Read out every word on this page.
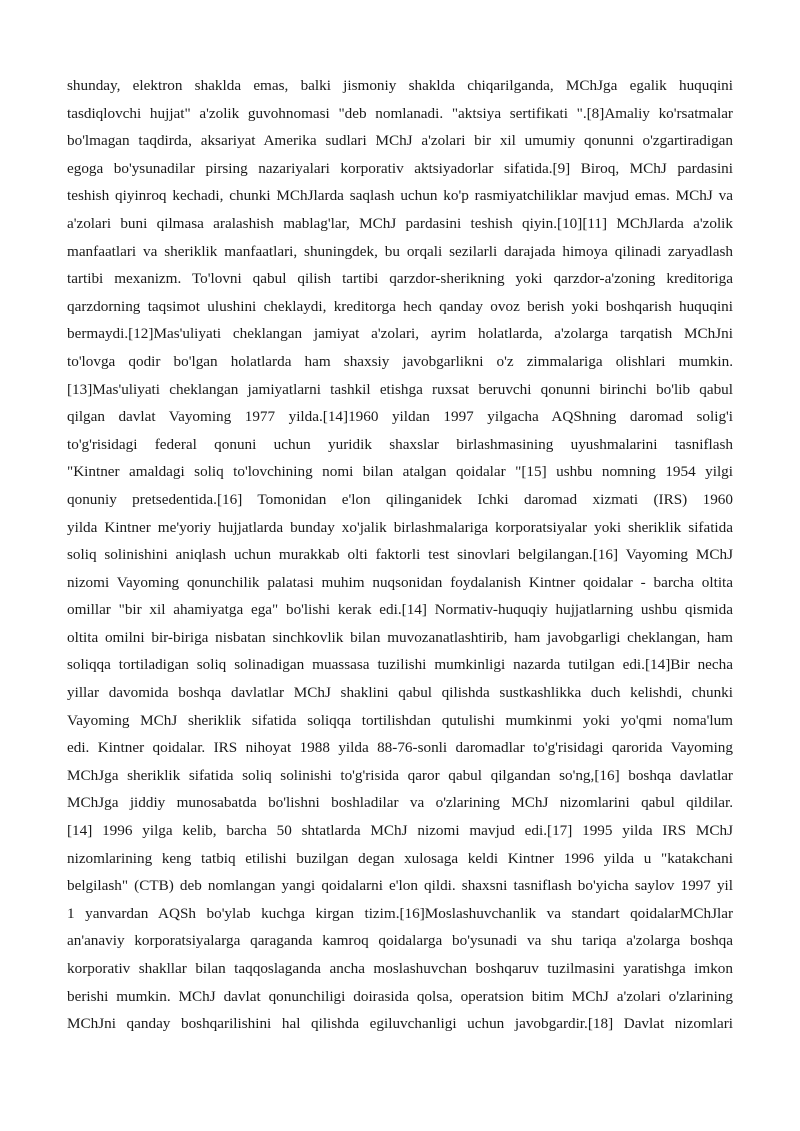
shunday, elektron shaklda emas, balki jismoniy shaklda chiqarilganda, MChJga egalik huquqini
tasdiqlovchi hujjat" a'zolik guvohnomasi "deb nomlanadi. "aktsiya sertifikati ".[8]Amaliy ko'rsatmalar
bo'lmagan taqdirda, aksariyat Amerika sudlari MChJ a'zolari bir xil umumiy qonunni o'zgartiradigan
egoga bo'ysunadilar pirsing nazariyalari korporativ aktsiyadorlar sifatida.[9] Biroq, MChJ pardasini
teshish qiyinroq kechadi, chunki MChJlarda saqlash uchun ko'p rasmiyatchiliklar mavjud emas. MChJ va
a'zolari buni qilmasa aralashish mablag'lar, MChJ pardasini teshish qiyin.[10][11] MChJlarda a'zolik
manfaatlari va sheriklik manfaatlari, shuningdek, bu orqali sezilarli darajada himoya qilinadi zaryadlash
tartibi mexanizm. To'lovni qabul qilish tartibi qarzdor-sherikning yoki qarzdor-a'zoning kreditoriga
qarzdorning taqsimot ulushini cheklaydi, kreditorga hech qanday ovoz berish yoki boshqarish huquqini
bermaydi.[12]Mas'uliyati cheklangan jamiyat a'zolari, ayrim holatlarda, a'zolarga tarqatish MChJni
to'lovga qodir bo'lgan holatlarda ham shaxsiy javobgarlikni o'z zimmalariga olishlari mumkin.
[13]Mas'uliyati cheklangan jamiyatlarni tashkil etishga ruxsat beruvchi qonunni birinchi bo'lib qabul
qilgan davlat Vayoming 1977 yilda.[14]1960 yildan 1997 yilgacha AQShning daromad solig'i
to'g'risidagi federal qonuni uchun yuridik shaxslar birlashmasining uyushmalarini tasniflash
"Kintner amaldagi soliq to'lovchining nomi bilan atalgan qoidalar "[15] ushbu nomning 1954 yilgi
qonuniy pretsedentida.[16] Tomonidan e'lon qilinganidek Ichki daromad xizmati (IRS) 1960
yilda Kintner me'yoriy hujjatlarda bunday xo'jalik birlashmalariga korporatsiyalar yoki sheriklik sifatida
soliq solinishini aniqlash uchun murakkab olti faktorli test sinovlari belgilangan.[16] Vayoming MChJ
nizomi Vayoming qonunchilik palatasi muhim nuqsonidan foydalanish Kintner qoidalar - barcha oltita
omillar "bir xil ahamiyatga ega" bo'lishi kerak edi.[14] Normativ-huquqiy hujjatlarning ushbu qismida
oltita omilni bir-biriga nisbatan sinchkovlik bilan muvozanatlashtirib, ham javobgarligi cheklangan, ham
soliqqa tortiladigan soliq solinadigan muassasa tuzilishi mumkinligi nazarda tutilgan edi.[14]Bir necha
yillar davomida boshqa davlatlar MChJ shaklini qabul qilishda sustkashlikka duch kelishdi, chunki
Vayoming MChJ sheriklik sifatida soliqqa tortilishdan qutulishi mumkinmi yoki yo'qmi noma'lum
edi. Kintner qoidalar. IRS nihoyat 1988 yilda 88-76-sonli daromadlar to'g'risidagi qarorida Vayoming
MChJga sheriklik sifatida soliq solinishi to'g'risida qaror qabul qilgandan so'ng,[16] boshqa davlatlar
MChJga jiddiy munosabatda bo'lishni boshladilar va o'zlarining MChJ nizomlarini qabul qildilar.
[14] 1996 yilga kelib, barcha 50 shtatlarda MChJ nizomi mavjud edi.[17] 1995 yilda IRS MChJ
nizomlarining keng tatbiq etilishi buzilgan degan xulosaga keldi Kintner 1996 yilda u "katakchani
belgilash" (CTB) deb nomlangan yangi qoidalarni e'lon qildi. shaxsni tasniflash bo'yicha saylov 1997 yil
1 yanvardan AQSh bo'ylab kuchga kirgan tizim.[16]Moslashuvchanlik va standart qoidalarMChJlar
an'anaviy korporatsiyalarga qaraganda kamroq qoidalarga bo'ysunadi va shu tariqa a'zolarga boshqa
korporativ shakllar bilan taqqoslaganda ancha moslashuvchan boshqaruv tuzilmasini yaratishga imkon
berishi mumkin. MChJ davlat qonunchiligi doirasida qolsa, operatsion bitim MChJ a'zolari o'zlarining
MChJni qanday boshqarilishini hal qilishda egiluvchanligi uchun javobgardir.[18] Davlat nizomlari
